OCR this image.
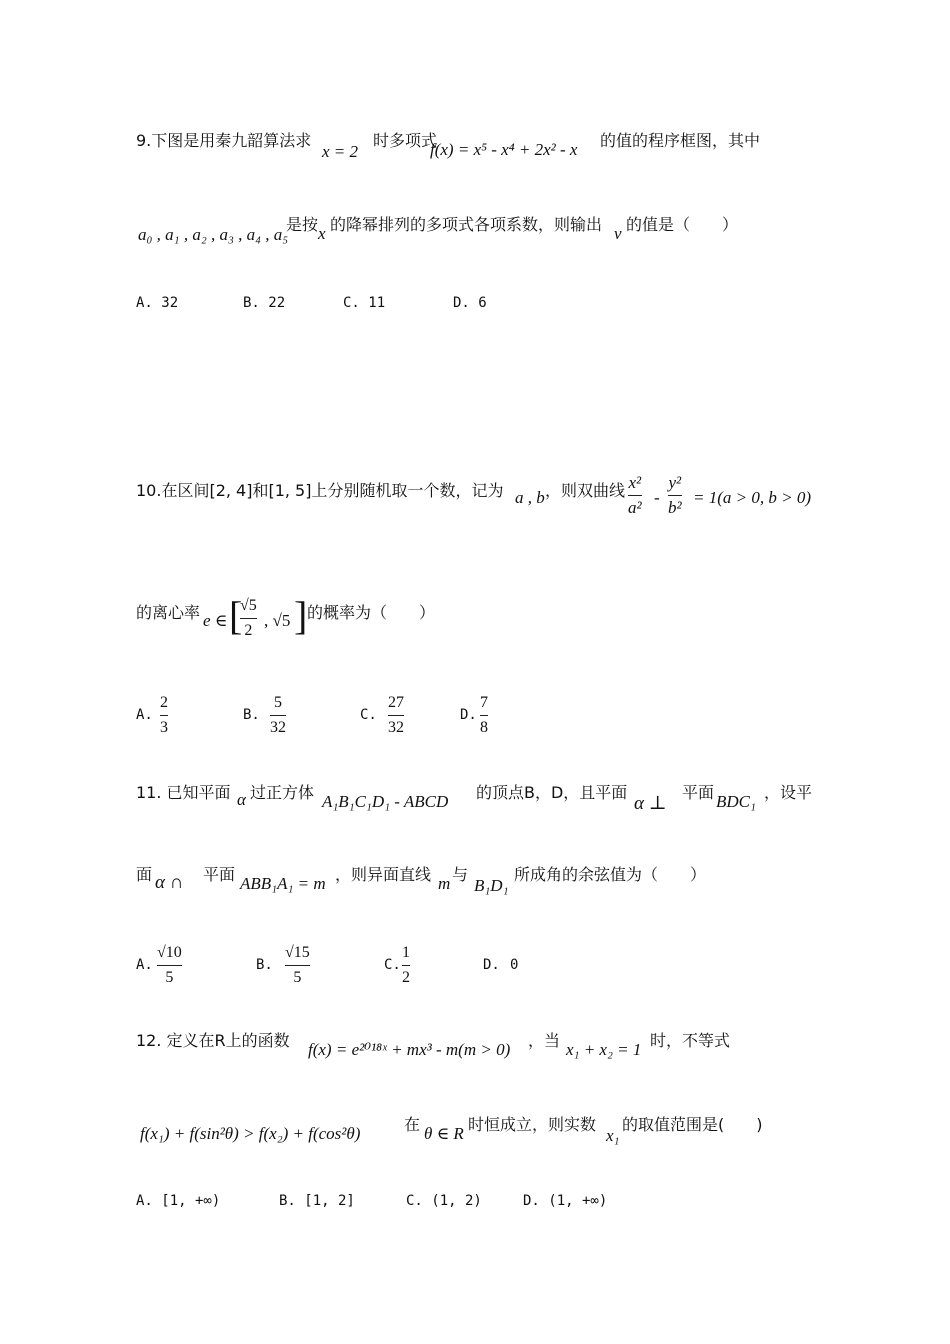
9.下图是用秦九韶算法求
x = 2
时多项式
f(x) = x⁵ - x⁴ + 2x² - x 的值的程序框图，其中
a₀ , a₁ , a₂ , a₃ , a₄ , a₅
是按 x 的降幂排列的多项式各项系数，则输出 v 的值是（　　）
A. 32	B. 22	C. 11	D. 6
10.在区间[2, 4]和[1, 5]上分别随机取一个数，记为 a , b ，则双曲线 x²
a²
-
y²
b²
= 1(a > 0, b > 0)
的离心率 e ∈ [
√5
2
, √5 ] 的概率为（　　）
A.
2
3
B.
5
32
C.
27
32
D.
7
8
11. 已知平面 α 过正方体 A₁B₁C₁D₁ - ABCD 的顶点B，D，且平面
α ⊥
平面 BDC₁ ，设平
面 α ∩ 平面 ABB₁A₁ = m ，则异面直线 m 与
B₁D₁
所成角的余弦值为（　　）
A.
√10
5
B.
√15
5
C.
1
2
D. 0
12. 定义在R上的函数 f(x) = e²⁰¹⁸ˣ + mx³ - m(m > 0) ，当 x₁ + x₂ = 1 时，不等式
f(x₁) + f(sin²θ) > f(x₂) + f(cos²θ)	在 θ ∈ R 时恒成立，则实数
x₁
的取值范围是(　　)
A. [1, +∞)	B. [1, 2]	C. (1, 2)	D. (1, +∞)
